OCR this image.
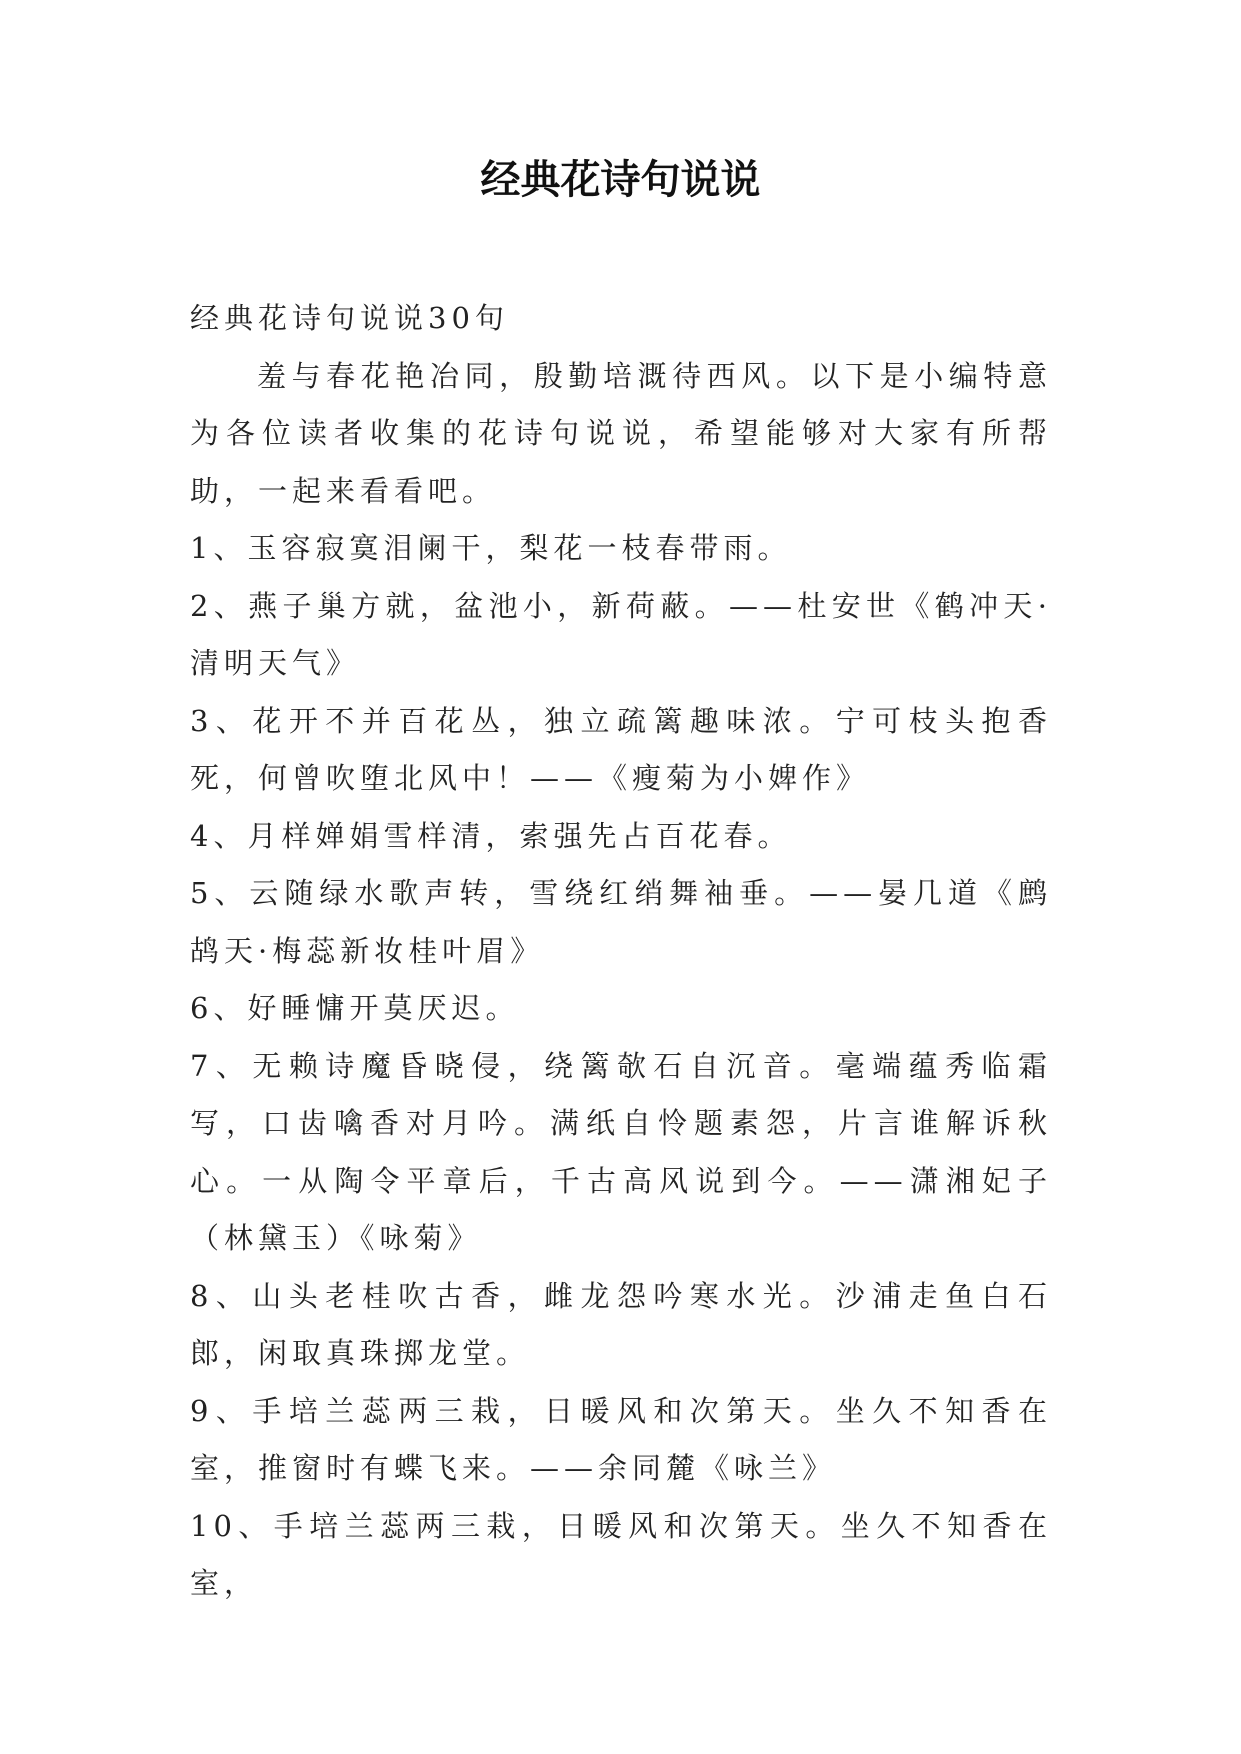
经典花诗句说说

经典花诗句说说30句

羞与春花艳冶同，殷勤培溉待西风。以下是小编特意为各位读者收集的花诗句说说，希望能够对大家有所帮助，一起来看看吧。

1、玉容寂寞泪阑干，梨花一枝春带雨。

2、燕子巢方就，盆池小，新荷蔽。——杜安世《鹤冲天·清明天气》

3、花开不并百花丛，独立疏篱趣味浓。宁可枝头抱香死，何曾吹堕北风中！——《瘦菊为小婢作》

4、月样婵娟雪样清，索强先占百花春。

5、云随绿水歌声转，雪绕红绡舞袖垂。——晏几道《鹧鸪天·梅蕊新妆桂叶眉》

6、好睡慵开莫厌迟。

7、无赖诗魔昏晓侵，绕篱欹石自沉音。毫端蕴秀临霜写，口齿噙香对月吟。满纸自怜题素怨，片言谁解诉秋心。一从陶令平章后，千古高风说到今。——潇湘妃子（林黛玉）《咏菊》

8、山头老桂吹古香，雌龙怨吟寒水光。沙浦走鱼白石郎，闲取真珠掷龙堂。

9、手培兰蕊两三栽，日暖风和次第天。坐久不知香在室，推窗时有蝶飞来。——余同麓《咏兰》

10、手培兰蕊两三栽，日暖风和次第天。坐久不知香在室，
